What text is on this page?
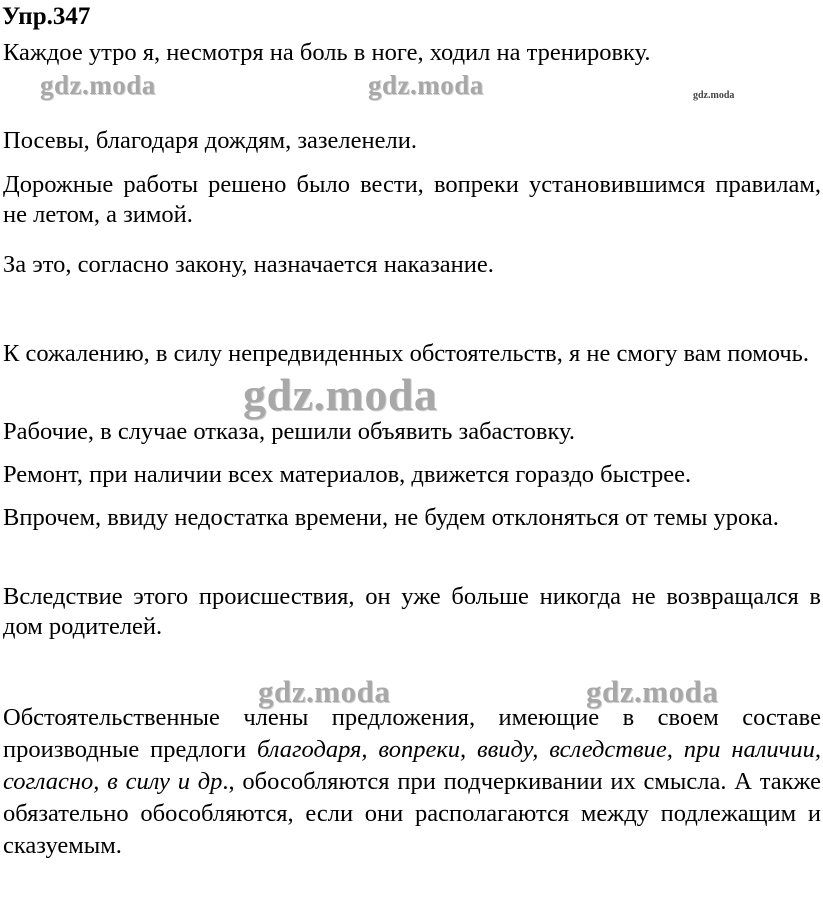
Упр.347
Каждое утро я, несмотря на боль в ноге, ходил на тренировку.
gdz.moda	gdz.moda	gdz.moda
Посевы, благодаря дождям, зазеленели.
Дорожные работы решено было вести, вопреки установившимся правилам, не летом, а зимой.
За это, согласно закону, назначается наказание.
К сожалению, в силу непредвиденных обстоятельств, я не смогу вам помочь.
gdz.moda
Рабочие, в случае отказа, решили объявить забастовку.
Ремонт, при наличии всех материалов, движется гораздо быстрее.
Впрочем, ввиду недостатка времени, не будем отклоняться от темы урока.
Вследствие этого происшествия, он уже больше никогда не возвращался в дом родителей.
gdz.moda	gdz.moda
Обстоятельственные члены предложения, имеющие в своем составе производные предлоги благодаря, вопреки, ввиду, вследствие, при наличии, согласно, в силу и др., обособляются при подчеркивании их смысла. А также обязательно обособляются, если они располагаются между подлежащим и сказуемым.
